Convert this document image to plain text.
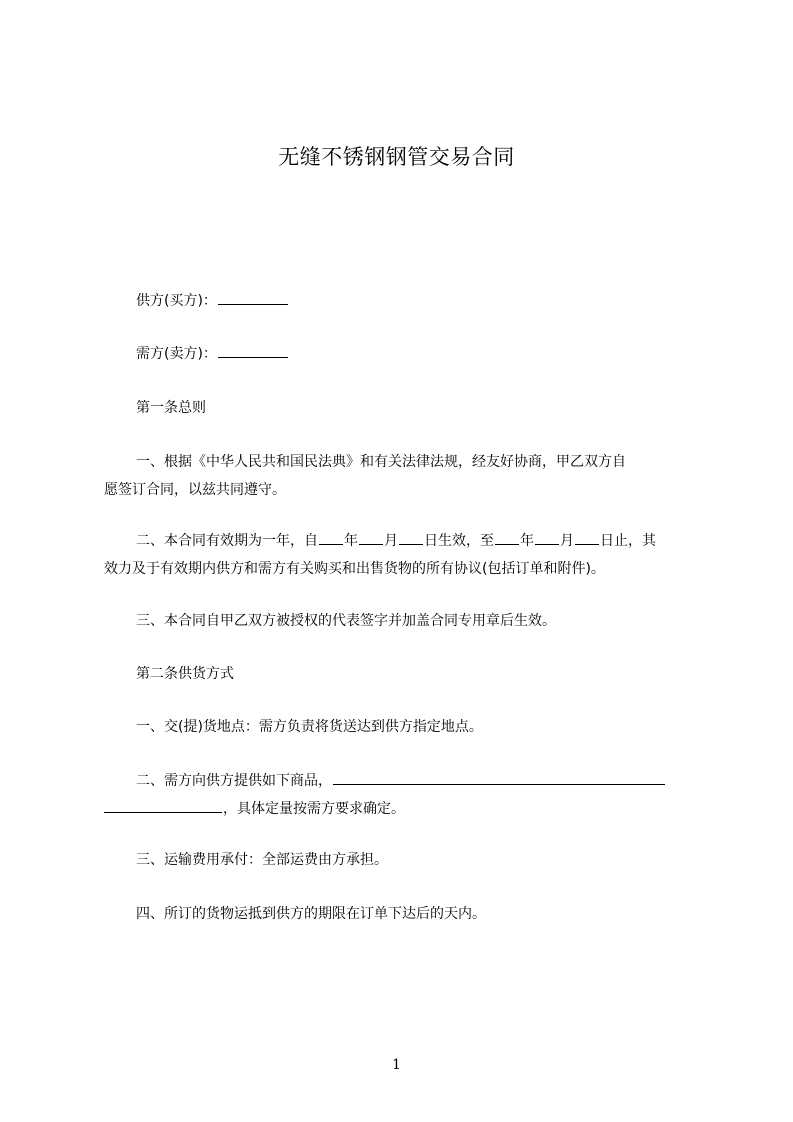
无缝不锈钢钢管交易合同
供方(买方)：
需方(卖方)：
第一条总则
一、根据《中华人民共和国民法典》和有关法律法规，经友好协商，甲乙双方自
愿签订合同，以兹共同遵守。
二、本合同有效期为一年，自 年 月 日生效，至 年 月 日止，其
效力及于有效期内供方和需方有关购买和出售货物的所有协议(包括订单和附件)。
三、本合同自甲乙双方被授权的代表签字并加盖合同专用章后生效。
第二条供货方式
一、交(提)货地点：需方负责将货送达到供方指定地点。
二、需方向供方提供如下商品，
，具体定量按需方要求确定。
三、运输费用承付：全部运费由方承担。
四、所订的货物运抵到供方的期限在订单下达后的天内。
1
